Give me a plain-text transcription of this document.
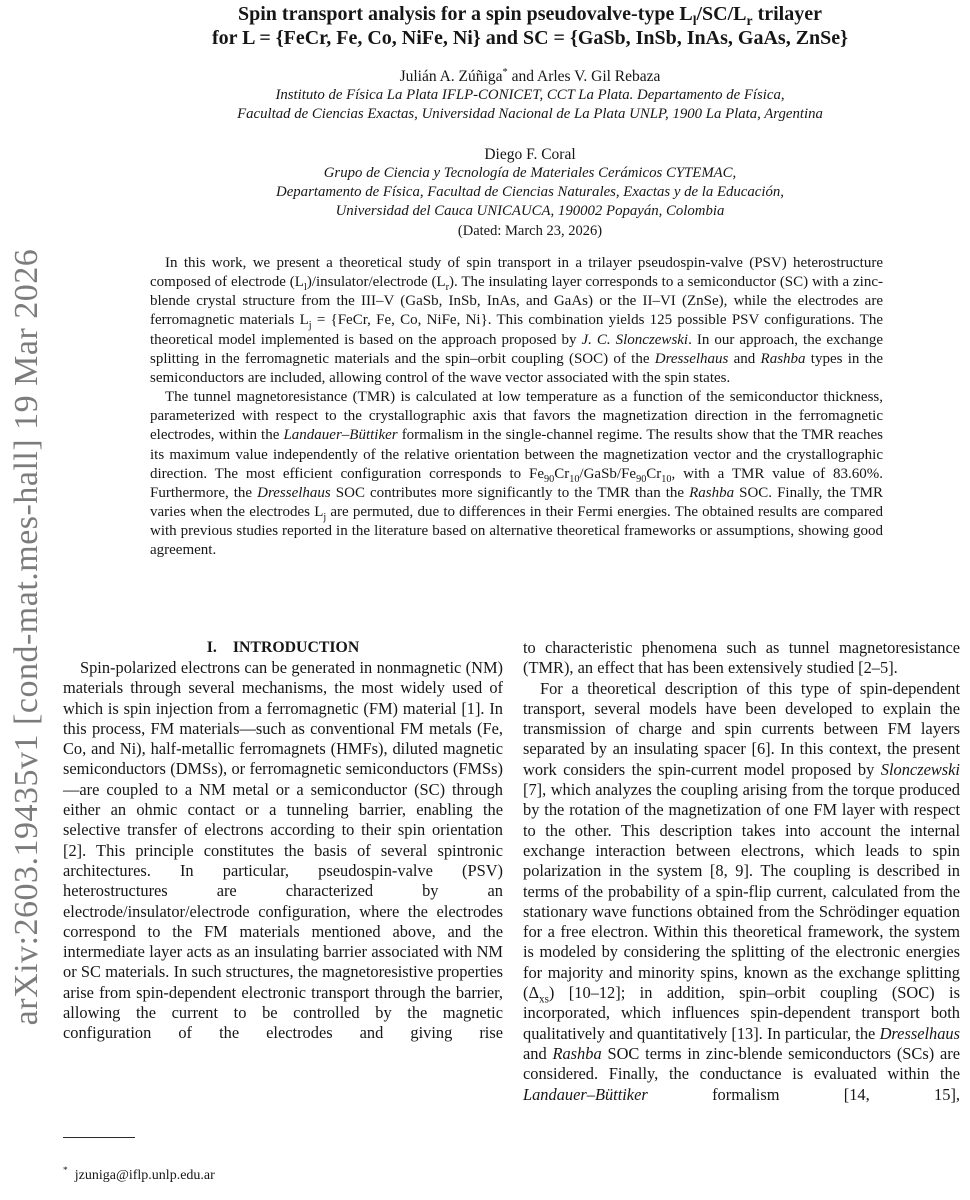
arXiv:2603.19435v1 [cond-mat.mes-hall] 19 Mar 2026
Spin transport analysis for a spin pseudovalve-type $L_l/SC/L_r$ trilayer
for L = {FeCr, Fe, Co, NiFe, Ni} and SC = {GaSb, InSb, InAs, GaAs, ZnSe}
Julián A. Zúñiga* and Arles V. Gil Rebaza
Instituto de Física La Plata IFLP-CONICET, CCT La Plata. Departamento de Física,
Facultad de Ciencias Exactas, Universidad Nacional de La Plata UNLP, 1900 La Plata, Argentina
Diego F. Coral
Grupo de Ciencia y Tecnología de Materiales Cerámicos CYTEMAC,
Departamento de Física, Facultad de Ciencias Naturales, Exactas y de la Educación,
Universidad del Cauca UNICAUCA, 190002 Popayán, Colombia
(Dated: March 23, 2026)

In this work, we present a theoretical study of spin transport in a trilayer pseudospin-valve (PSV) heterostructure composed of electrode $(L_l)/insulator$/electrode $(L_r)$. The insulating layer corresponds to a semiconductor (SC) with a zinc-blende crystal structure from the III–V (GaSb, InSb, InAs, and GaAs) or the II–VI (ZnSe), while the electrodes are ferromagnetic materials $L_j$ = {FeCr, Fe, Co, NiFe, Ni}. This combination yields 125 possible PSV configurations. The theoretical model implemented is based on the approach proposed by J. C. Slonczewski. In our approach, the exchange splitting in the ferromagnetic materials and the spin–orbit coupling (SOC) of the Dresselhaus and Rashba types in the semiconductors are included, allowing control of the wave vector associated with the spin states.

The tunnel magnetoresistance (TMR) is calculated at low temperature as a function of the semiconductor thickness, parameterized with respect to the crystallographic axis that favors the magnetization direction in the ferromagnetic electrodes, within the Landauer–Büttiker formalism in the single-channel regime. The results show that the TMR reaches its maximum value independently of the relative orientation between the magnetization vector and the crystallographic direction. The most efficient configuration corresponds to $Fe_{90}Cr_{10}/GaSb/Fe_{90}Cr_{10}$, with a TMR value of 83.60%. Furthermore, the Dresselhaus SOC contributes more significantly to the TMR than the Rashba SOC. Finally, the TMR varies when the electrodes $L_j$ are permuted, due to differences in their Fermi energies. The obtained results are compared with previous studies reported in the literature based on alternative theoretical frameworks or assumptions, showing good agreement.

I. INTRODUCTION

Spin-polarized electrons can be generated in nonmagnetic (NM) materials through several mechanisms, the most widely used of which is spin injection from a ferromagnetic (FM) material [1]. In this process, FM materials—such as conventional FM metals (Fe, Co, and Ni), half-metallic ferromagnets (HMFs), diluted magnetic semiconductors (DMSs), or ferromagnetic semiconductors (FMSs)—are coupled to a NM metal or a semiconductor (SC) through either an ohmic contact or a tunneling barrier, enabling the selective transfer of electrons according to their spin orientation [2]. This principle constitutes the basis of several spintronic architectures. In particular, pseudospin-valve (PSV) heterostructures are characterized by an electrode/insulator/electrode configuration, where the electrodes correspond to the FM materials mentioned above, and the intermediate layer acts as an insulating barrier associated with NM or SC materials. In such structures, the magnetoresistive properties arise from spin-dependent electronic transport through the barrier, allowing the current to be controlled by the magnetic configuration of the electrodes and giving rise

to characteristic phenomena such as tunnel magnetoresistance (TMR), an effect that has been extensively studied [2–5].

For a theoretical description of this type of spin-dependent transport, several models have been developed to explain the transmission of charge and spin currents between FM layers separated by an insulating spacer [6]. In this context, the present work considers the spin-current model proposed by Slonczewski [7], which analyzes the coupling arising from the torque produced by the rotation of the magnetization of one FM layer with respect to the other. This description takes into account the internal exchange interaction between electrons, which leads to spin polarization in the system [8, 9]. The coupling is described in terms of the probability of a spin-flip current, calculated from the stationary wave functions obtained from the Schrödinger equation for a free electron. Within this theoretical framework, the system is modeled by considering the splitting of the electronic energies for majority and minority spins, known as the exchange splitting $(\Delta_{xs})$ [10–12]; in addition, spin–orbit coupling (SOC) is incorporated, which influences spin-dependent transport both qualitatively and quantitatively [13]. In particular, the Dresselhaus and Rashba SOC terms in zinc-blende semiconductors (SCs) are considered. Finally, the conductance is evaluated within the Landauer–Büttiker formalism [14, 15],

* jzuniga@iflp.unlp.edu.ar
